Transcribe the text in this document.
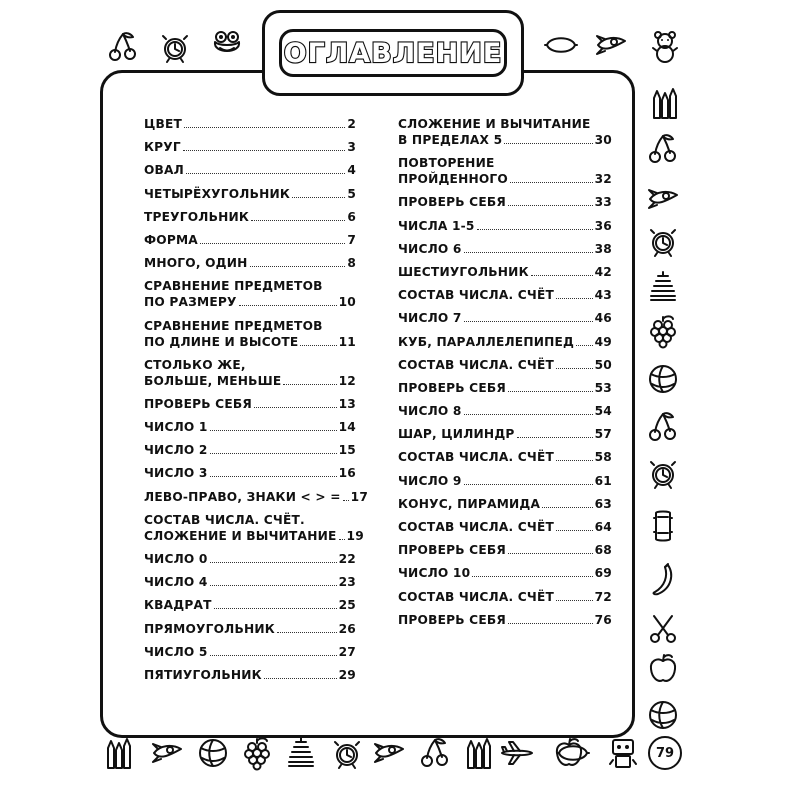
ОГЛАВЛЕНИЕ
ЦВЕТ	2
КРУГ	3
ОВАЛ	4
ЧЕТЫРЁХУГОЛЬНИК	5
ТРЕУГОЛЬНИК	6
ФОРМА	7
МНОГО, ОДИН	8
СРАВНЕНИЕ ПРЕДМЕТОВ
ПО РАЗМЕРУ	10
СРАВНЕНИЕ ПРЕДМЕТОВ
ПО ДЛИНЕ И ВЫСОТЕ	11
СТОЛЬКО ЖЕ,
БОЛЬШЕ, МЕНЬШЕ	12
ПРОВЕРЬ СЕБЯ	13
ЧИСЛО 1	14
ЧИСЛО 2	15
ЧИСЛО 3	16
ЛЕВО-ПРАВО, ЗНАКИ < > = 17
СОСТАВ ЧИСЛА. СЧЁТ.
СЛОЖЕНИЕ И ВЫЧИТАНИЕ 19
ЧИСЛО 0	22
ЧИСЛО 4	23
КВАДРАТ	25
ПРЯМОУГОЛЬНИК	26
ЧИСЛО 5	27
ПЯТИУГОЛЬНИК	29
СЛОЖЕНИЕ И ВЫЧИТАНИЕ
В ПРЕДЕЛАХ 5	30
ПОВТОРЕНИЕ
ПРОЙДЕННОГО	32
ПРОВЕРЬ СЕБЯ	33
ЧИСЛА 1-5	36
ЧИСЛО 6	38
ШЕСТИУГОЛЬНИК	42
СОСТАВ ЧИСЛА. СЧЁТ	43
ЧИСЛО 7	46
КУБ, ПАРАЛЛЕЛЕПИПЕД 49
СОСТАВ ЧИСЛА. СЧЁТ	50
ПРОВЕРЬ СЕБЯ	53
ЧИСЛО 8	54
ШАР, ЦИЛИНДР	57
СОСТАВ ЧИСЛА. СЧЁТ	58
ЧИСЛО 9	61
КОНУС, ПИРАМИДА	63
СОСТАВ ЧИСЛА. СЧЁТ	64
ПРОВЕРЬ СЕБЯ	68
ЧИСЛО 10	69
СОСТАВ ЧИСЛА. СЧЁТ	72
ПРОВЕРЬ СЕБЯ	76
79
